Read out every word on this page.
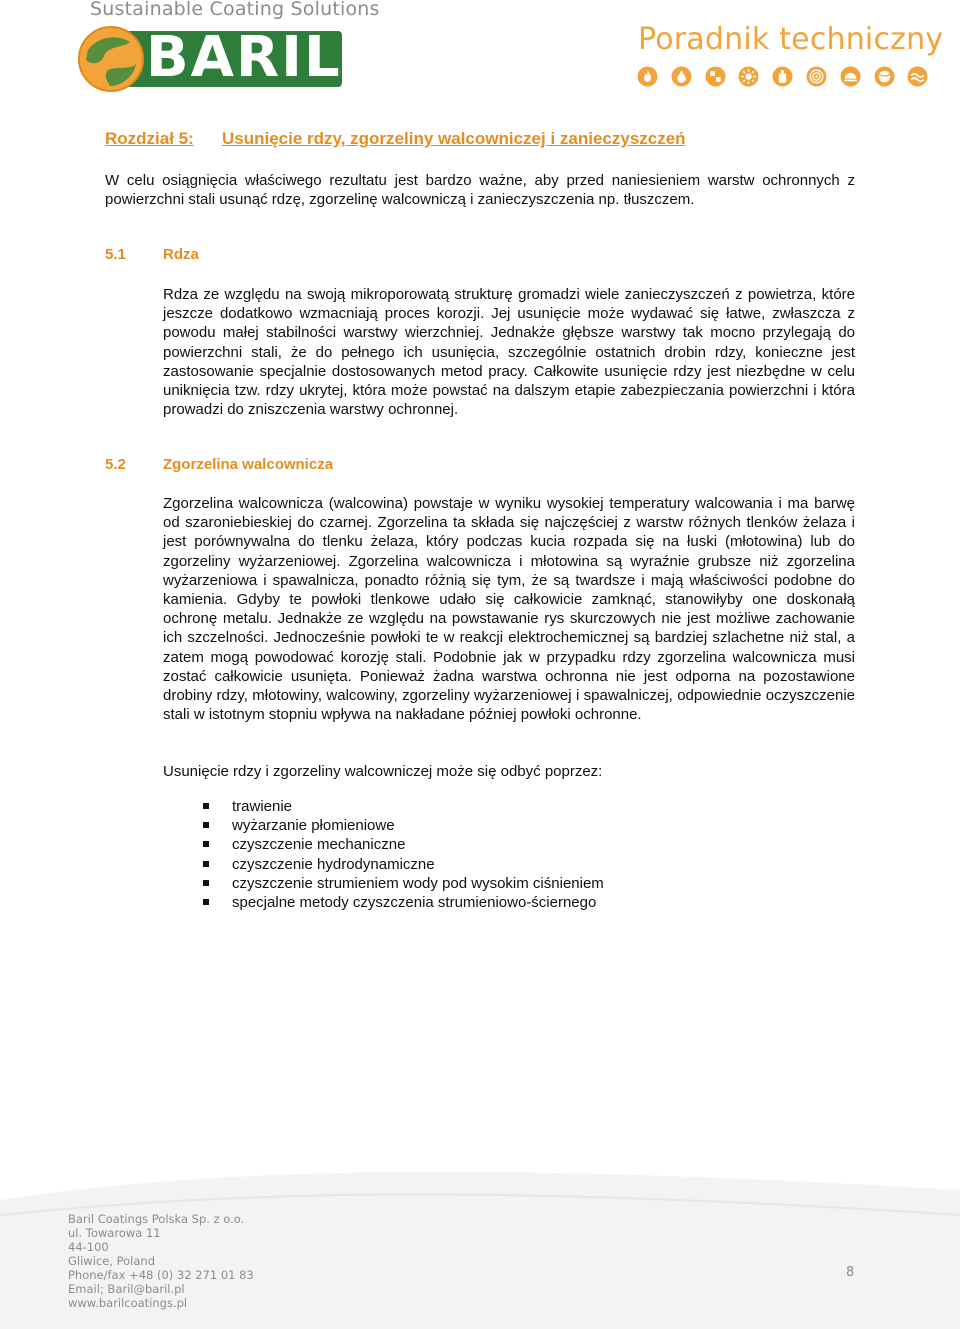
Sustainable Coating Solutions
BARIL	Poradnik techniczny
Rozdział 5:	Usunięcie rdzy, zgorzeliny walcowniczej i zanieczyszczeń
W celu osiągnięcia właściwego rezultatu jest bardzo ważne, aby przed naniesieniem warstw ochronnych z powierzchni stali usunąć rdzę, zgorzelinę walcowniczą i zanieczyszczenia np. tłuszczem.
5.1	Rdza
Rdza ze względu na swoją mikroporowatą strukturę gromadzi wiele zanieczyszczeń z powietrza, które jeszcze dodatkowo wzmacniają proces korozji. Jej usunięcie może wydawać się łatwe, zwłaszcza z powodu małej stabilności warstwy wierzchniej. Jednakże głębsze warstwy tak mocno przylegają do powierzchni stali, że do pełnego ich usunięcia, szczególnie ostatnich drobin rdzy, konieczne jest zastosowanie specjalnie dostosowanych metod pracy. Całkowite usunięcie rdzy jest niezbędne w celu uniknięcia tzw. rdzy ukrytej, która może powstać na dalszym etapie zabezpieczania powierzchni i która prowadzi do zniszczenia warstwy ochronnej.
5.2	Zgorzelina walcownicza
Zgorzelina walcownicza (walcowina) powstaje w wyniku wysokiej temperatury walcowania i ma barwę od szaroniebieskiej do czarnej. Zgorzelina ta składa się najczęściej z warstw różnych tlenków żelaza i jest porównywalna do tlenku żelaza, który podczas kucia rozpada się na łuski (młotowina) lub do zgorzeliny wyżarzeniowej. Zgorzelina walcownicza i młotowina są wyraźnie grubsze niż zgorzelina wyżarzeniowa i spawalnicza, ponadto różnią się tym, że są twardsze i mają właściwości podobne do kamienia. Gdyby te powłoki tlenkowe udało się całkowicie zamknąć, stanowiłyby one doskonałą ochronę metalu. Jednakże ze względu na powstawanie rys skurczowych nie jest możliwe zachowanie ich szczelności. Jednocześnie powłoki te w reakcji elektrochemicznej są bardziej szlachetne niż stal, a zatem mogą powodować korozję stali. Podobnie jak w przypadku rdzy zgorzelina walcownicza musi zostać całkowicie usunięta. Ponieważ żadna warstwa ochronna nie jest odporna na pozostawione drobiny rdzy, młotowiny, walcowiny, zgorzeliny wyżarzeniowej i spawalniczej, odpowiednie oczyszczenie stali w istotnym stopniu wpływa na nakładane później powłoki ochronne.
Usunięcie rdzy i zgorzeliny walcowniczej może się odbyć poprzez:
trawienie
wyżarzanie płomieniowe
czyszczenie mechaniczne
czyszczenie hydrodynamiczne
czyszczenie strumieniem wody pod wysokim ciśnieniem
specjalne metody czyszczenia strumieniowo-ściernego
Baril Coatings Polska Sp. z o.o.
ul. Towarowa 11
44-100
Gliwice, Poland
Phone/fax +48 (0) 32 271 01 83
Email; Baril@baril.pl
www.barilcoatings.pl
8
